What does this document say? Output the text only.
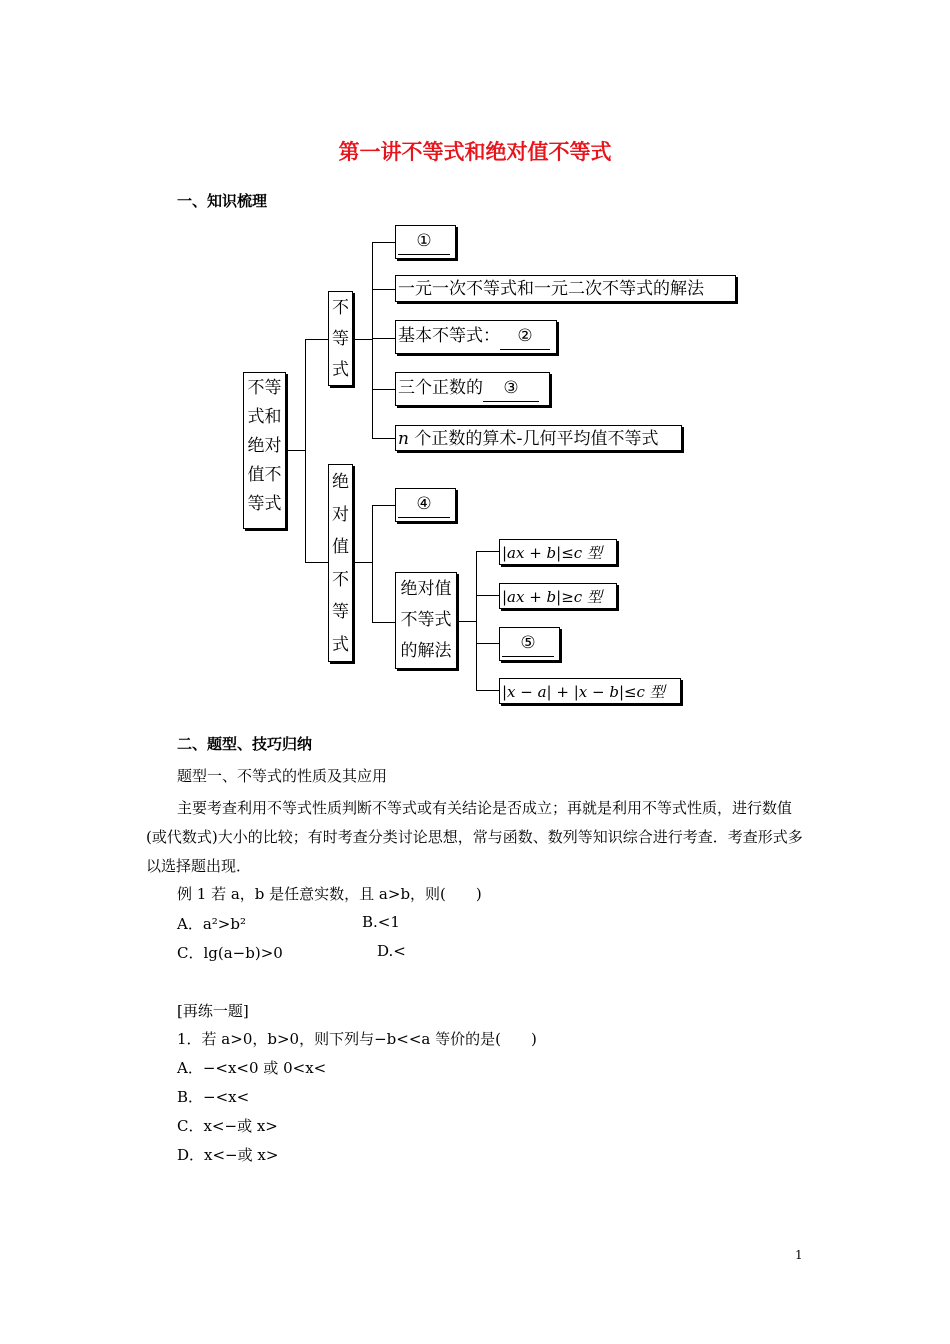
第一讲不等式和绝对值不等式
一、知识梳理
不等
式和
绝对
值不
等式
不
等
式
①
一元一次不等式和一元二次不等式的解法
基本不等式： ②
三个正数的 ③
n 个正数的算术-几何平均值不等式
绝
对
值
不
等
式
④
绝对值
不等式
的解法
|ax + b|≤c 型
|ax + b|≥c 型
⑤
|x − a| + |x − b|≤c 型
二、题型、技巧归纳
题型一、不等式的性质及其应用
主要考查利用不等式性质判断不等式或有关结论是否成立；再就是利用不等式性质，进行数值(或代数式)大小的比较；有时考查分类讨论思想，常与函数、数列等知识综合进行考查．考查形式多以选择题出现．
例 1 若 a，b 是任意实数，且 a>b，则(　　)
A．a²>b²	B.<1
C．lg(a−b)>0	D.<
[再练一题]
1．若 a>0，b>0，则下列与−b<<a 等价的是(　　)
A．−<x<0 或 0<x<
B．−<x<
C．x<−或 x>
D．x<−或 x>
1
